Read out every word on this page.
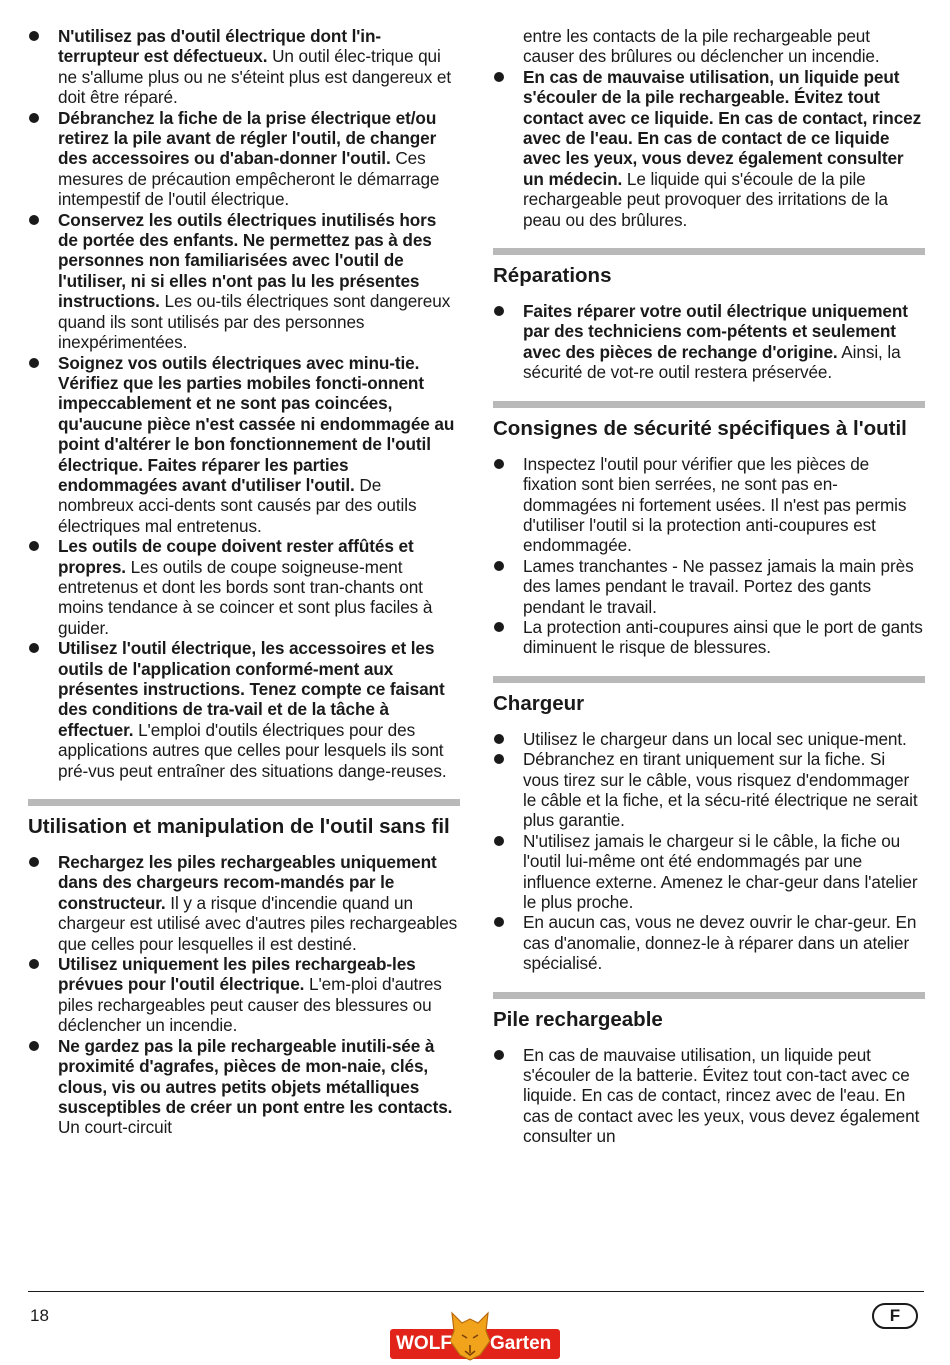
N'utilisez pas d'outil électrique dont l'in-terrupteur est défectueux. Un outil élec-trique qui ne s'allume plus ou ne s'éteint plus est dangereux et doit être réparé.
Débranchez la fiche de la prise électrique et/ou retirez la pile avant de régler l'outil, de changer des accessoires ou d'aban-donner l'outil. Ces mesures de précaution empêcheront le démarrage intempestif de l'outil électrique.
Conservez les outils électriques inutilisés hors de portée des enfants. Ne permettez pas à des personnes non familiarisées avec l'outil de l'utiliser, ni si elles n'ont pas lu les présentes instructions. Les ou-tils électriques sont dangereux quand ils sont utilisés par des personnes inexpérimentées.
Soignez vos outils électriques avec minu-tie. Vérifiez que les parties mobiles foncti-onnent impeccablement et ne sont pas coincées, qu'aucune pièce n'est cassée ni endommagée au point d'altérer le bon fonctionnement de l'outil électrique. Faites réparer les parties endommagées avant d'utiliser l'outil. De nombreux acci-dents sont causés par des outils électriques mal entretenus.
Les outils de coupe doivent rester affûtés et propres. Les outils de coupe soigneuse-ment entretenus et dont les bords sont tran-chants ont moins tendance à se coincer et sont plus faciles à guider.
Utilisez l'outil électrique, les accessoires et les outils de l'application conformé-ment aux présentes instructions. Tenez compte ce faisant des conditions de tra-vail et de la tâche à effectuer. L'emploi d'outils électriques pour des applications autres que celles pour lesquels ils sont pré-vus peut entraîner des situations dange-reuses.
Utilisation et manipulation de l'outil sans fil
Rechargez les piles rechargeables uniquement dans des chargeurs recom-mandés par le constructeur. Il y a risque d'incendie quand un chargeur est utilisé avec d'autres piles rechargeables que celles pour lesquelles il est destiné.
Utilisez uniquement les piles rechargeab-les prévues pour l'outil électrique. L'em-ploi d'autres piles rechargeables peut causer des blessures ou déclencher un incendie.
Ne gardez pas la pile rechargeable inutili-sée à proximité d'agrafes, pièces de mon-naie, clés, clous, vis ou autres petits objets métalliques susceptibles de créer un pont entre les contacts. Un court-circuit
entre les contacts de la pile rechargeable peut causer des brûlures ou déclencher un incendie.
En cas de mauvaise utilisation, un liquide peut s'écouler de la pile rechargeable. Évitez tout contact avec ce liquide. En cas de contact, rincez avec de l'eau. En cas de contact de ce liquide avec les yeux, vous devez également consulter un médecin. Le liquide qui s'écoule de la pile rechargeable peut provoquer des irritations de la peau ou des brûlures.
Réparations
Faites réparer votre outil électrique uniquement par des techniciens com-pétents et seulement avec des pièces de rechange d'origine. Ainsi, la sécurité de vot-re outil restera préservée.
Consignes de sécurité spécifiques à l'outil
Inspectez l'outil pour vérifier que les pièces de fixation sont bien serrées, ne sont pas en-dommagées ni fortement usées. Il n'est pas permis d'utiliser l'outil si la protection anti-coupures est endommagée.
Lames tranchantes - Ne passez jamais la main près des lames pendant le travail. Portez des gants pendant le travail.
La protection anti-coupures ainsi que le port de gants diminuent le risque de blessures.
Chargeur
Utilisez le chargeur dans un local sec unique-ment.
Débranchez en tirant uniquement sur la fiche. Si vous tirez sur le câble, vous risquez d'endommager le câble et la fiche, et la sécu-rité électrique ne serait plus garantie.
N'utilisez jamais le chargeur si le câble, la fiche ou l'outil lui-même ont été endommagés par une influence externe. Amenez le char-geur dans l'atelier le plus proche.
En aucun cas, vous ne devez ouvrir le char-geur. En cas d'anomalie, donnez-le à réparer dans un atelier spécialisé.
Pile rechargeable
En cas de mauvaise utilisation, un liquide peut s'écouler de la batterie. Évitez tout con-tact avec ce liquide. En cas de contact, rincez avec de l'eau. En cas de contact avec les yeux, vous devez également consulter un
18
WOLF Garten
F
